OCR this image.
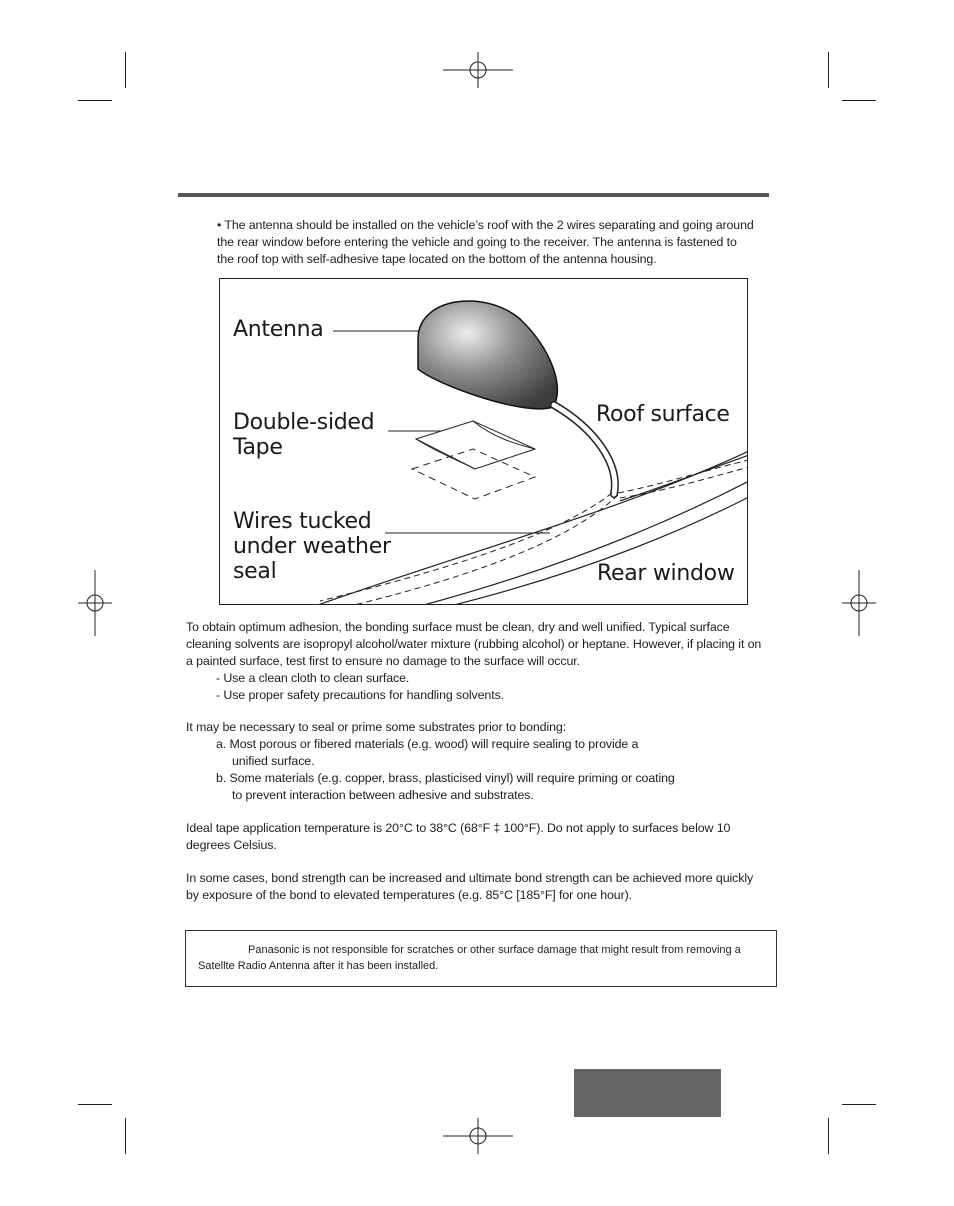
• The antenna should be installed on the vehicle’s roof with the 2 wires separating and going around

the rear window before entering the vehicle and going to the receiver. The antenna is fastened to

the roof top with self-adhesive tape located on the bottom of the antenna housing.

Antenna
Double-sided
Tape
Roof surface
Wires tucked
under weather
seal	Rear window

To obtain optimum adhesion, the bonding surface must be clean, dry and well unified. Typical surface

cleaning solvents are isopropyl alcohol/water mixture (rubbing alcohol) or heptane. However, if placing it on

a painted surface, test first to ensure no damage to the surface will occur.

- Use a clean cloth to clean surface.

- Use proper safety precautions for handling solvents.

It may be necessary to seal or prime some substrates prior to bonding:

a. Most porous or fibered materials (e.g. wood) will require sealing to provide a

unified surface.

b. Some materials (e.g. copper, brass, plasticised vinyl) will require priming or coating

to prevent interaction between adhesive and substrates.

Ideal tape application temperature is 20°C to 38°C (68°F ‡ 100°F). Do not apply to surfaces below 10

degrees Celsius.

In some cases, bond strength can be increased and ultimate bond strength can be achieved more quickly

by exposure of the bond to elevated temperatures (e.g. 85°C [185°F] for one hour).

Panasonic is not responsible for scratches or other surface damage that might result from removing a
Satellte Radio Antenna after it has been installed.
